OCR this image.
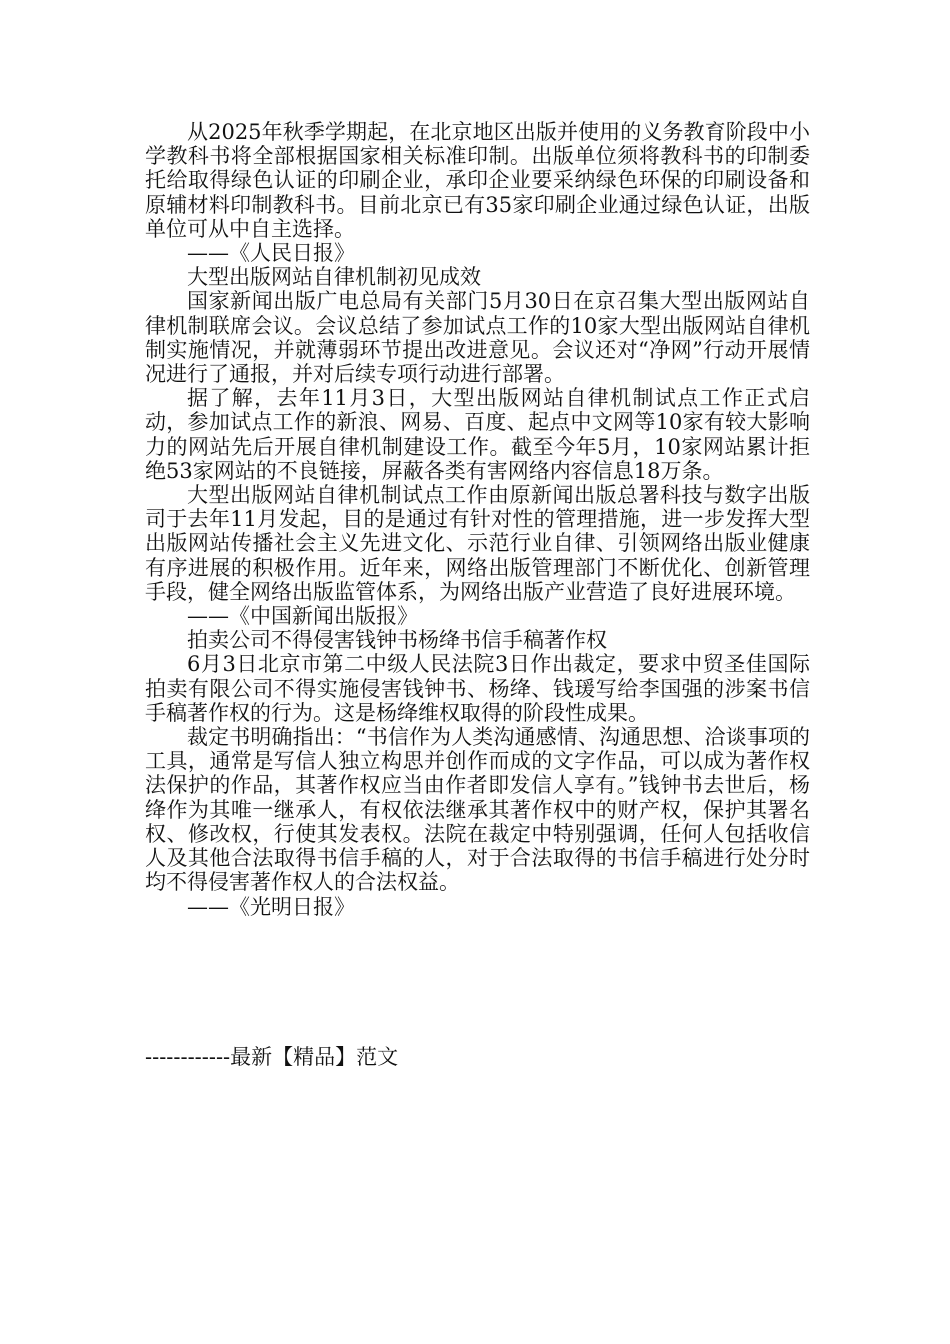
从2025年秋季学期起，在北京地区出版并使用的义务教育阶段中小学教科书将全部根据国家相关标准印制。出版单位须将教科书的印制委托给取得绿色认证的印刷企业，承印企业要采纳绿色环保的印刷设备和原辅材料印制教科书。目前北京已有35家印刷企业通过绿色认证，出版单位可从中自主选择。

——《人民日报》

大型出版网站自律机制初见成效

国家新闻出版广电总局有关部门5月30日在京召集大型出版网站自律机制联席会议。会议总结了参加试点工作的10家大型出版网站自律机制实施情况，并就薄弱环节提出改进意见。会议还对“净网”行动开展情况进行了通报，并对后续专项行动进行部署。

据了解，去年11月3日，大型出版网站自律机制试点工作正式启动，参加试点工作的新浪、网易、百度、起点中文网等10家有较大影响力的网站先后开展自律机制建设工作。截至今年5月，10家网站累计拒绝53家网站的不良链接，屏蔽各类有害网络内容信息18万条。

大型出版网站自律机制试点工作由原新闻出版总署科技与数字出版司于去年11月发起，目的是通过有针对性的管理措施，进一步发挥大型出版网站传播社会主义先进文化、示范行业自律、引领网络出版业健康有序进展的积极作用。近年来，网络出版管理部门不断优化、创新管理手段，健全网络出版监管体系，为网络出版产业营造了良好进展环境。

——《中国新闻出版报》

拍卖公司不得侵害钱钟书杨绛书信手稿著作权

6月3日北京市第二中级人民法院3日作出裁定，要求中贸圣佳国际拍卖有限公司不得实施侵害钱钟书、杨绛、钱瑗写给李国强的涉案书信手稿著作权的行为。这是杨绛维权取得的阶段性成果。

裁定书明确指出：“书信作为人类沟通感情、沟通思想、洽谈事项的工具，通常是写信人独立构思并创作而成的文字作品，可以成为著作权法保护的作品，其著作权应当由作者即发信人享有。”钱钟书去世后，杨绛作为其唯一继承人，有权依法继承其著作权中的财产权，保护其署名权、修改权，行使其发表权。法院在裁定中特别强调，任何人包括收信人及其他合法取得书信手稿的人，对于合法取得的书信手稿进行处分时均不得侵害著作权人的合法权益。

——《光明日报》

------------最新【精品】范文
